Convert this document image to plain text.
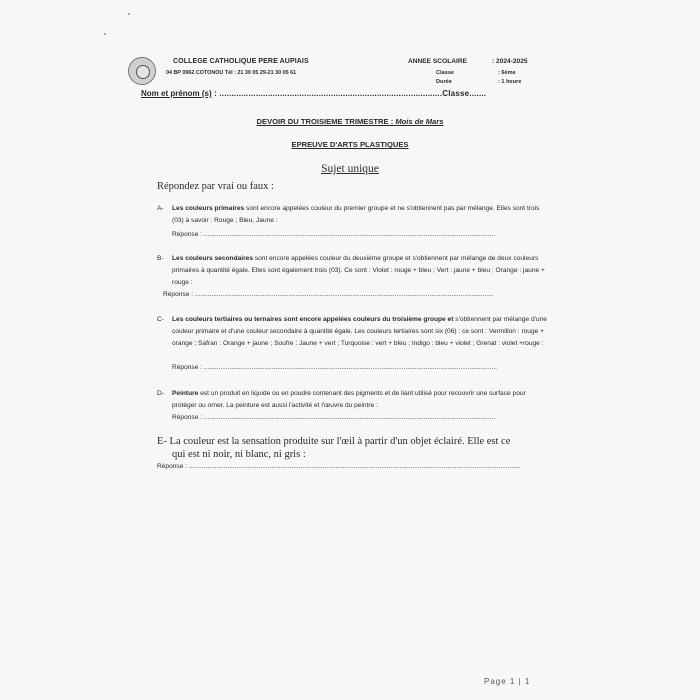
COLLEGE CATHOLIQUE PERE AUPIAIS
04 BP 0962 COTONOU Tél : 21 30 05 29-21 30 05 61
ANNEE SCOLAIRE	: 2024-2025
Classe	: 6ème
Durée	: 1 heure
Nom et prénom (s) : ............................................................................................Classe.......
DEVOIR DU TROISIEME TRIMESTRE : Mois de Mars
EPREUVE D'ARTS PLASTIQUES
Sujet unique
Répondez par vrai ou faux :
A- Les couleurs primaires sont encore appelées couleur du premier groupe et ne s'obtiennent pas par mélange. Elles sont trois (03) à savoir : Rouge ; Bleu, Jaune :
Réponse : ...............................................................................................................................................................
B- Les couleurs secondaires sont encore appelées couleur du deuxième groupe et s'obtiennent par mélange de deux couleurs primaires à quantité égale. Elles sont également trois (03). Ce sont : Violet : rouge + bleu ; Vert : jaune + bleu ; Orange : jaune + rouge :
Réponse : ...................................................................................................................................................................
C- Les couleurs tertiaires ou ternaires sont encore appelées couleurs du troisième groupe et s'obtiennent par mélange d'une couleur primaire et d'une couleur secondaire à quantité égale. Les couleurs tertiaires sont six (06) : ce sont : Vermillon : rouge + orange ; Safran : Orange + jaune ; Soufre : Jaune + vert ; Turquoise : vert + bleu ; Indigo : bleu + violet ; Grenat : violet +rouge :
Réponse : ................................................................................................................................................................
D- Peinture est un produit en liquide ou en poudre contenant des pigments et de liant utilisé pour recouvrir une surface pour protéger ou orner. La peinture est aussi l'activité et l'œuvre du peintre :
Réponse : ...............................................................................................................................................................
E- La couleur est la sensation produite sur l'œil à partir d'un objet éclairé. Elle est ce
qui est ni noir, ni blanc, ni gris :
Réponse : .....................................................................................................................................................................................
Page 1 | 1
